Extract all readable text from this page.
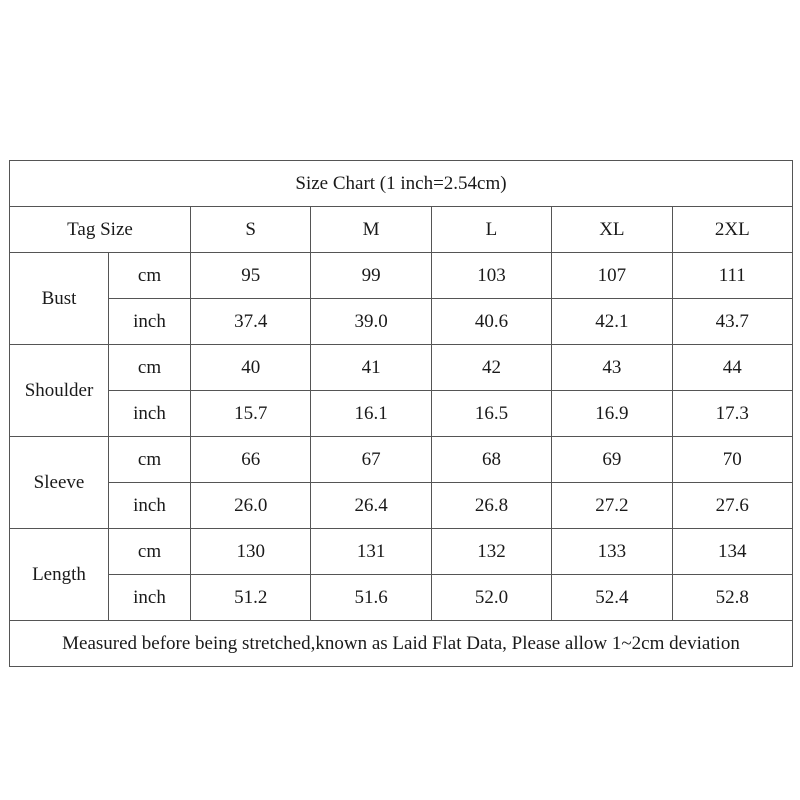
Size Chart (1 inch=2.54cm)						
Tag Size		S	M	L	XL	2XL
Bust	cm	95	99	103	107	111
	inch	37.4	39.0	40.6	42.1	43.7
Shoulder	cm	40	41	42	43	44
	inch	15.7	16.1	16.5	16.9	17.3
Sleeve	cm	66	67	68	69	70
	inch	26.0	26.4	26.8	27.2	27.6
Length	cm	130	131	132	133	134
	inch	51.2	51.6	52.0	52.4	52.8
Measured before being stretched,known as Laid Flat Data, Please allow 1~2cm deviation						
